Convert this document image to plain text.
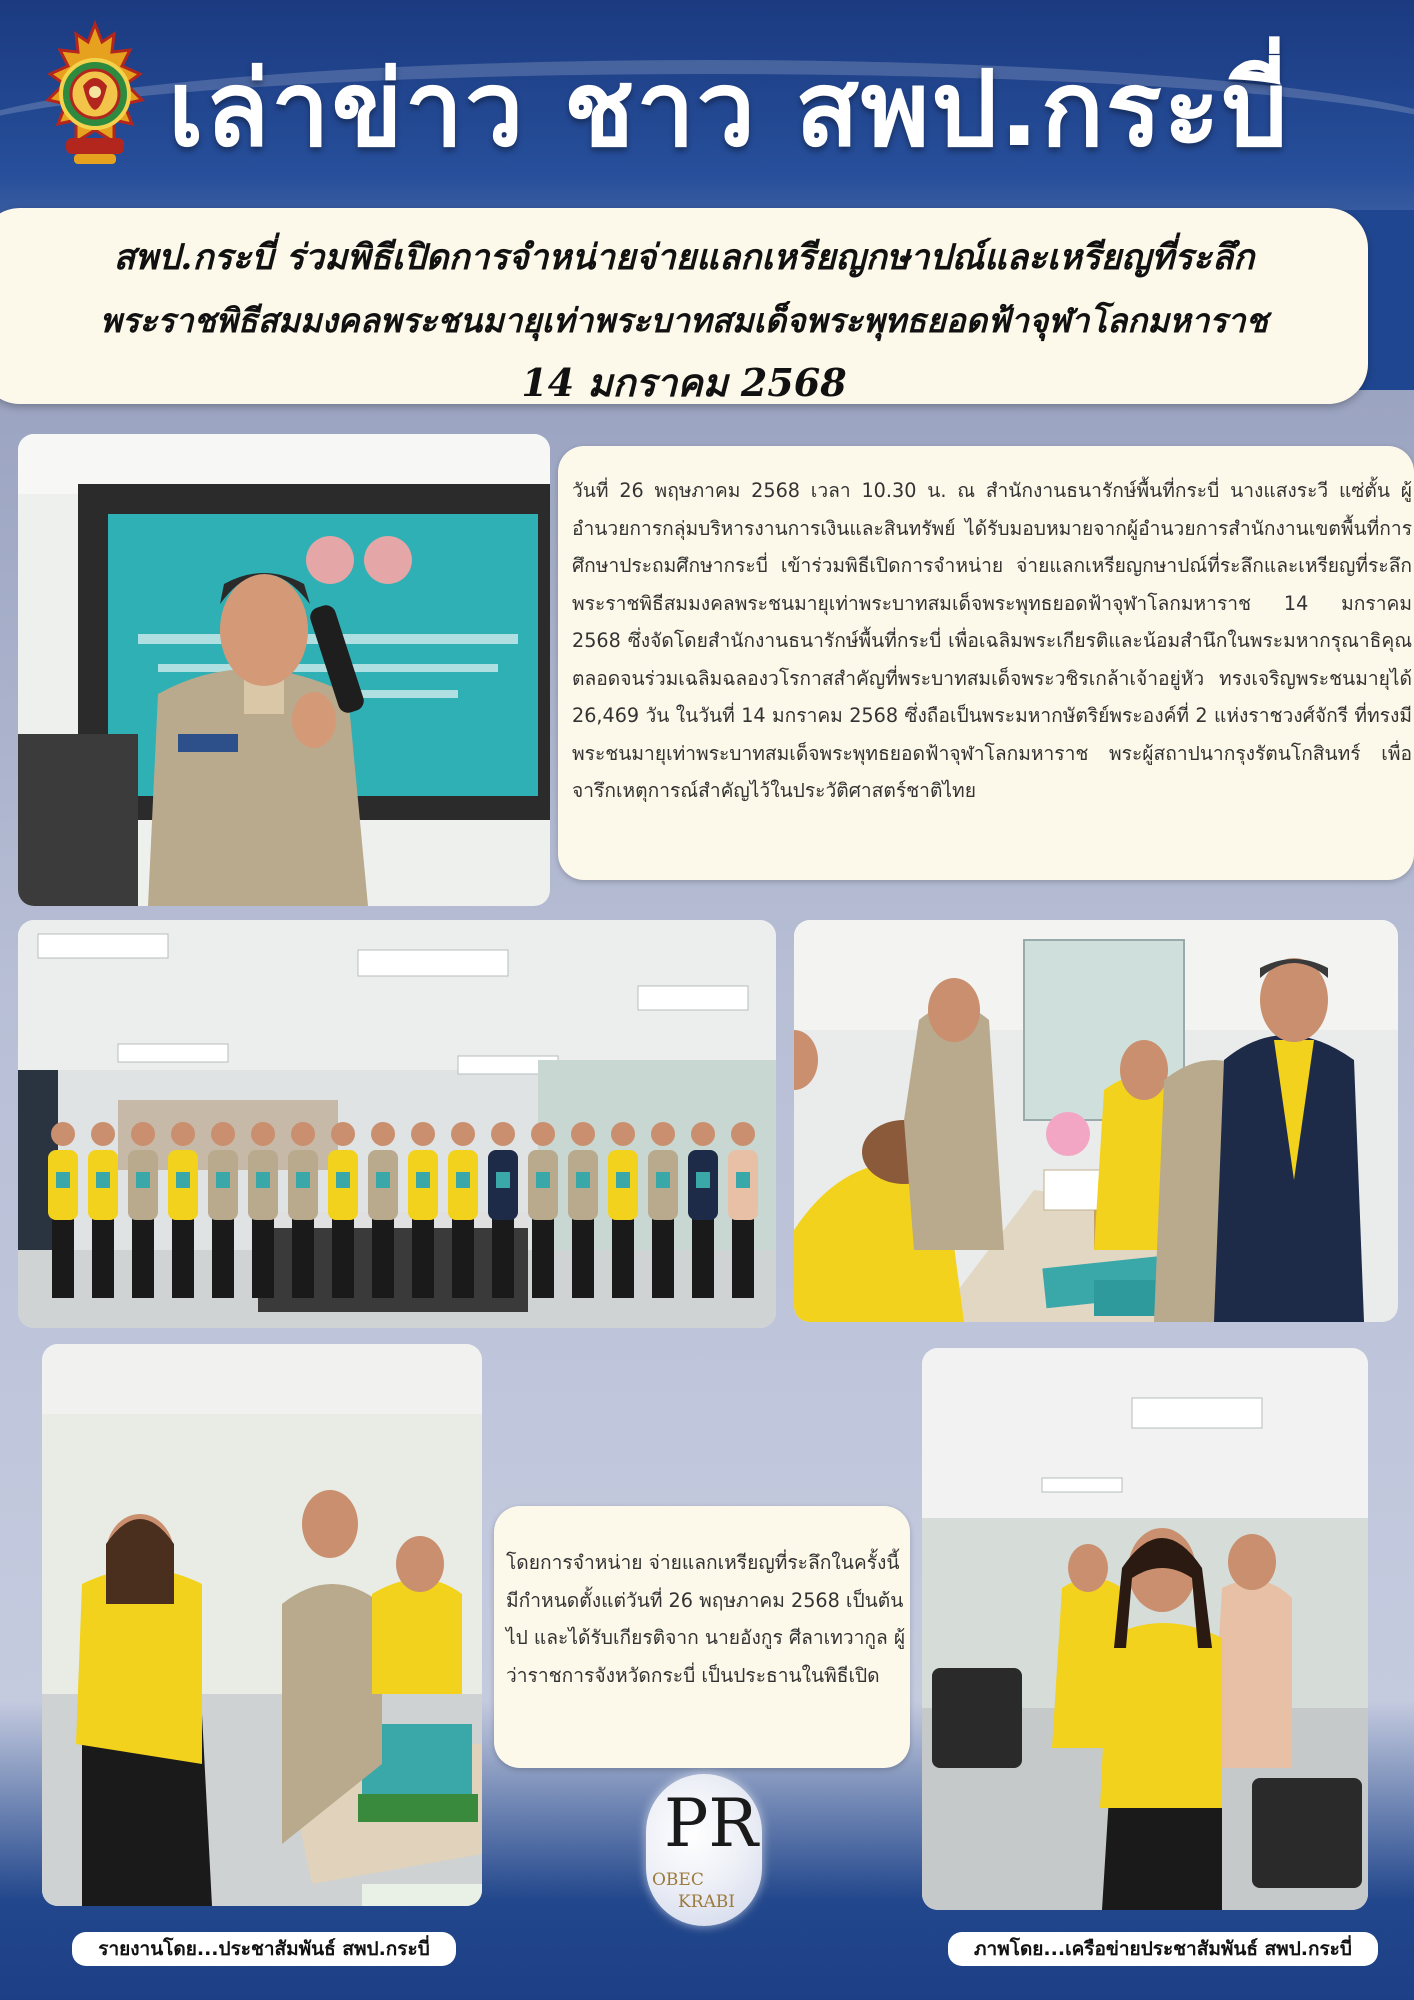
เล่าข่าว ชาว สพป.กระบี่
สพป.กระบี่ ร่วมพิธีเปิดการจำหน่ายจ่ายแลกเหรียญกษาปณ์และเหรียญที่ระลึก
พระราชพิธีสมมงคลพระชนมายุเท่าพระบาทสมเด็จพระพุทธยอดฟ้าจุฬาโลกมหาราช
14 มกราคม 2568

วันที่ 26 พฤษภาคม 2568 เวลา 10.30 น. ณ สำนักงานธนารักษ์พื้นที่กระบี่ นางแสงระวี แซ่ตั้น ผู้อำนวยการกลุ่มบริหารงานการเงินและสินทรัพย์ ได้รับมอบหมายจากผู้อำนวยการสำนักงานเขตพื้นที่การศึกษาประถมศึกษากระบี่ เข้าร่วมพิธีเปิดการจำหน่าย จ่ายแลกเหรียญกษาปณ์ที่ระลึกและเหรียญที่ระลึกพระราชพิธีสมมงคลพระชนมายุเท่าพระบาทสมเด็จพระพุทธยอดฟ้าจุฬาโลกมหาราช 14 มกราคม 2568 ซึ่งจัดโดยสำนักงานธนารักษ์พื้นที่กระบี่ เพื่อเฉลิมพระเกียรติและน้อมสำนึกในพระมหากรุณาธิคุณ ตลอดจนร่วมเฉลิมฉลองวโรกาสสำคัญที่พระบาทสมเด็จพระวชิรเกล้าเจ้าอยู่หัว ทรงเจริญพระชนมายุได้ 26,469 วัน ในวันที่ 14 มกราคม 2568 ซึ่งถือเป็นพระมหากษัตริย์พระองค์ที่ 2 แห่งราชวงศ์จักรี ที่ทรงมีพระชนมายุเท่าพระบาทสมเด็จพระพุทธยอดฟ้าจุฬาโลกมหาราช พระผู้สถาปนากรุงรัตนโกสินทร์ เพื่อจารึกเหตุการณ์สำคัญไว้ในประวัติศาสตร์ชาติไทย

โดยการจำหน่าย จ่ายแลกเหรียญที่ระลึกในครั้งนี้ มีกำหนดตั้งแต่วันที่ 26 พฤษภาคม 2568 เป็นต้นไป และได้รับเกียรติจาก นายอังกูร ศีลาเทวากูล ผู้ว่าราชการจังหวัดกระบี่ เป็นประธานในพิธีเปิด

PR
OBEC
KRABI
รายงานโดย...ประชาสัมพันธ์ สพป.กระบี่	ภาพโดย...เครือข่ายประชาสัมพันธ์ สพป.กระบี่
